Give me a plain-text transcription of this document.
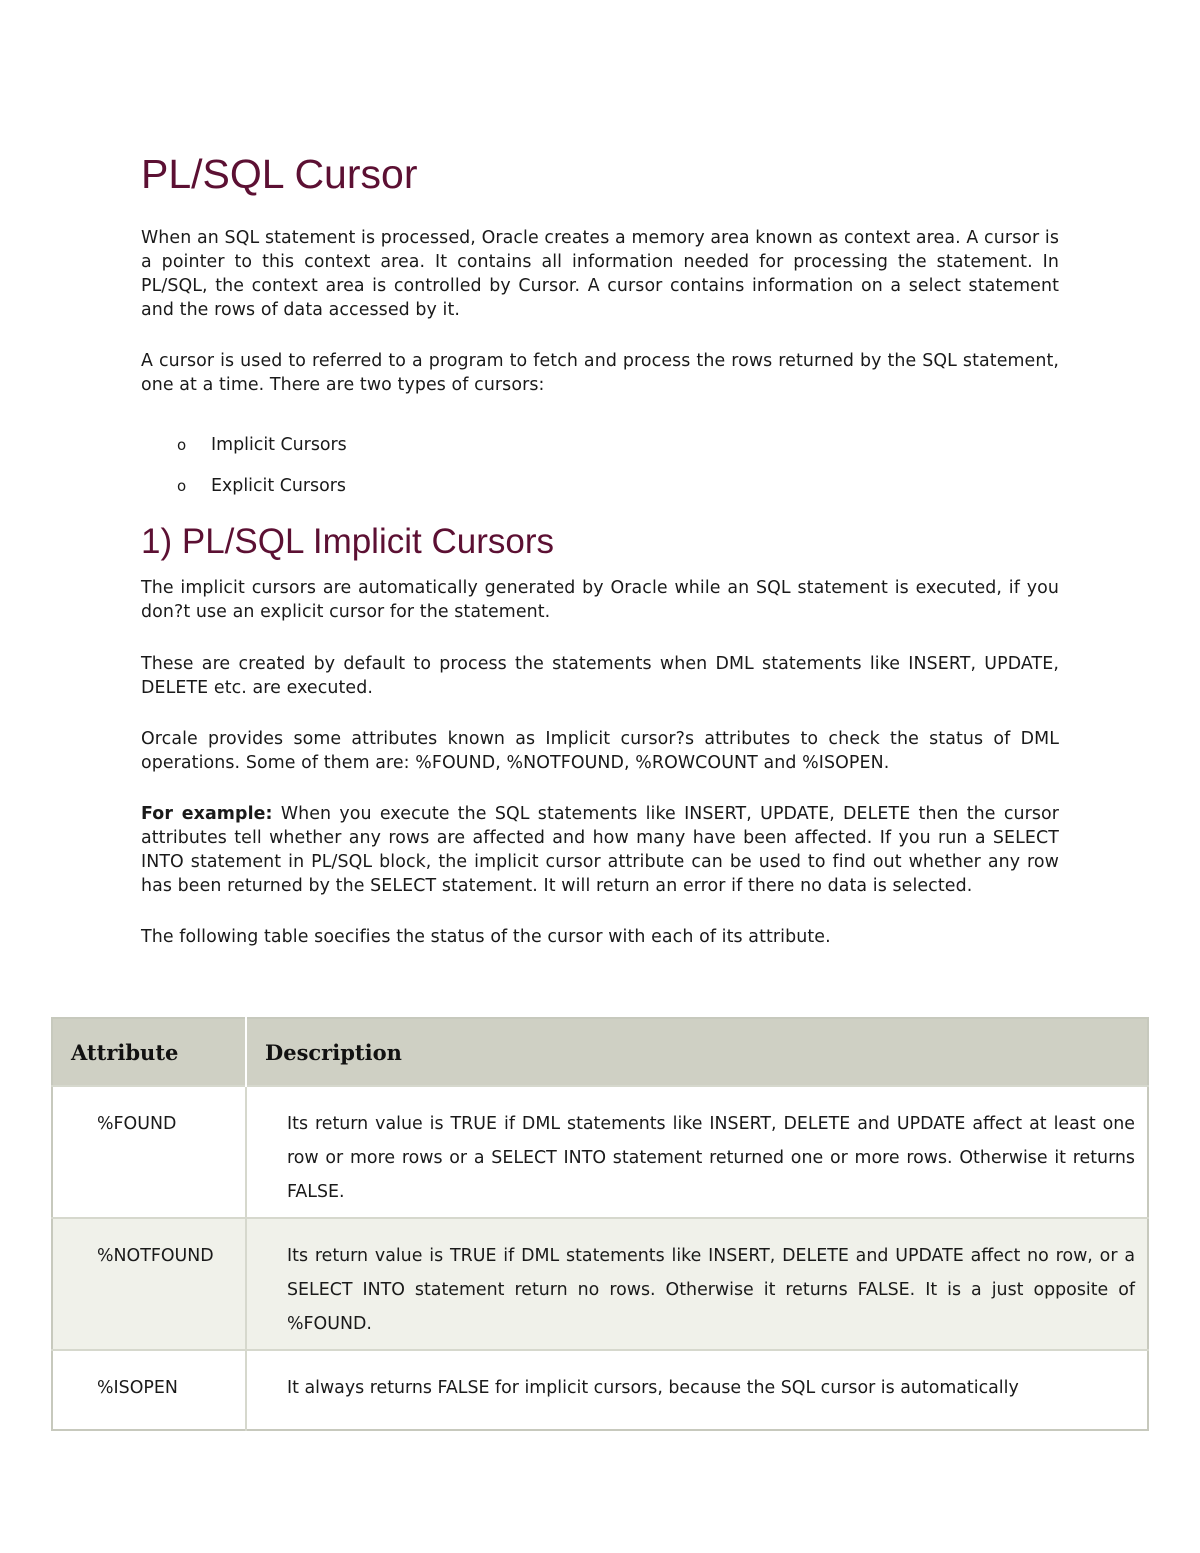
PL/SQL Cursor

When an SQL statement is processed, Oracle creates a memory area known as context area. A cursor is a pointer to this context area. It contains all information needed for processing the statement. In PL/SQL, the context area is controlled by Cursor. A cursor contains information on a select statement and the rows of data accessed by it.

A cursor is used to referred to a program to fetch and process the rows returned by the SQL statement, one at a time. There are two types of cursors:

o Implicit Cursors
o Explicit Cursors
1) PL/SQL Implicit Cursors

The implicit cursors are automatically generated by Oracle while an SQL statement is executed, if you don?t use an explicit cursor for the statement.

These are created by default to process the statements when DML statements like INSERT, UPDATE, DELETE etc. are executed.

Orcale provides some attributes known as Implicit cursor?s attributes to check the status of DML operations. Some of them are: %FOUND, %NOTFOUND, %ROWCOUNT and %ISOPEN.

For example: When you execute the SQL statements like INSERT, UPDATE, DELETE then the cursor attributes tell whether any rows are affected and how many have been affected. If you run a SELECT INTO statement in PL/SQL block, the implicit cursor attribute can be used to find out whether any row has been returned by the SELECT statement. It will return an error if there no data is selected.

The following table soecifies the status of the cursor with each of its attribute.

Attribute	Description
%FOUND	Its return value is TRUE if DML statements like INSERT, DELETE and UPDATE affect at least one row or more rows or a SELECT INTO statement returned one or more rows. Otherwise it returns FALSE.
%NOTFOUND	Its return value is TRUE if DML statements like INSERT, DELETE and UPDATE affect no row, or a SELECT INTO statement return no rows. Otherwise it returns FALSE. It is a just opposite of %FOUND.
%ISOPEN	It always returns FALSE for implicit cursors, because the SQL cursor is automatically
